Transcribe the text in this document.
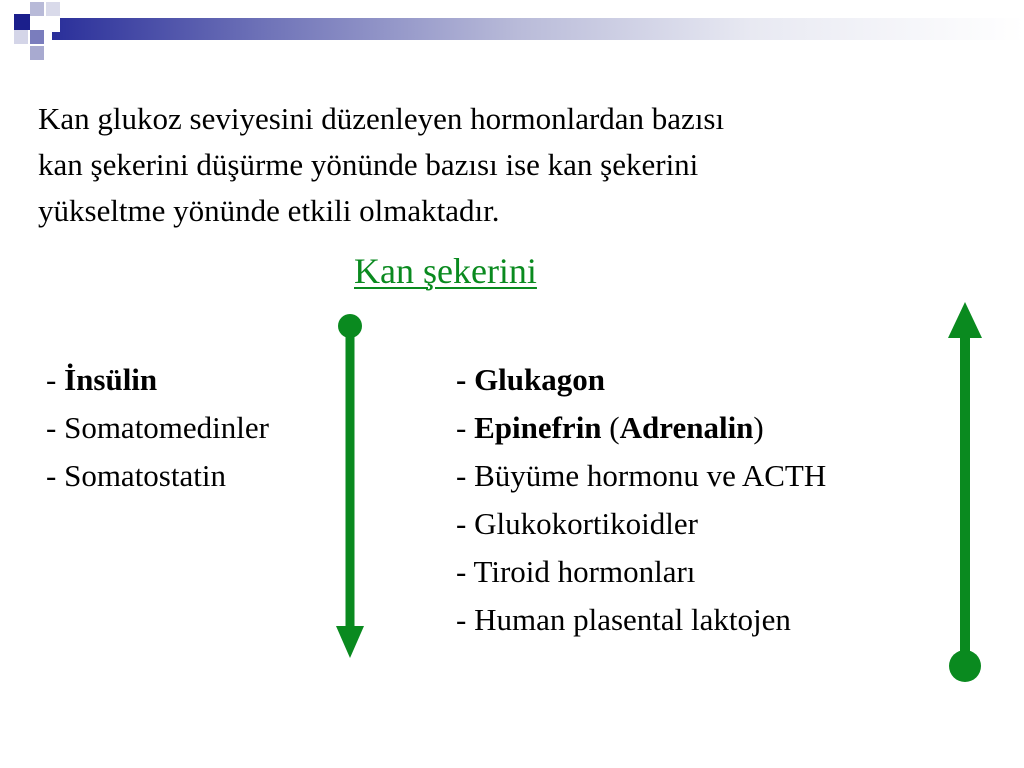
Kan glukoz seviyesini düzenleyen hormonlardan bazısı
kan şekerini düşürme yönünde bazısı ise kan şekerini
yükseltme yönünde etkili olmaktadır.

Kan şekerini
- İnsülin
- Somatomedinler
- Somatostatin
- Glukagon
- Epinefrin (Adrenalin)
- Büyüme hormonu ve ACTH
- Glukokortikoidler
- Tiroid hormonları
- Human plasental laktojen
